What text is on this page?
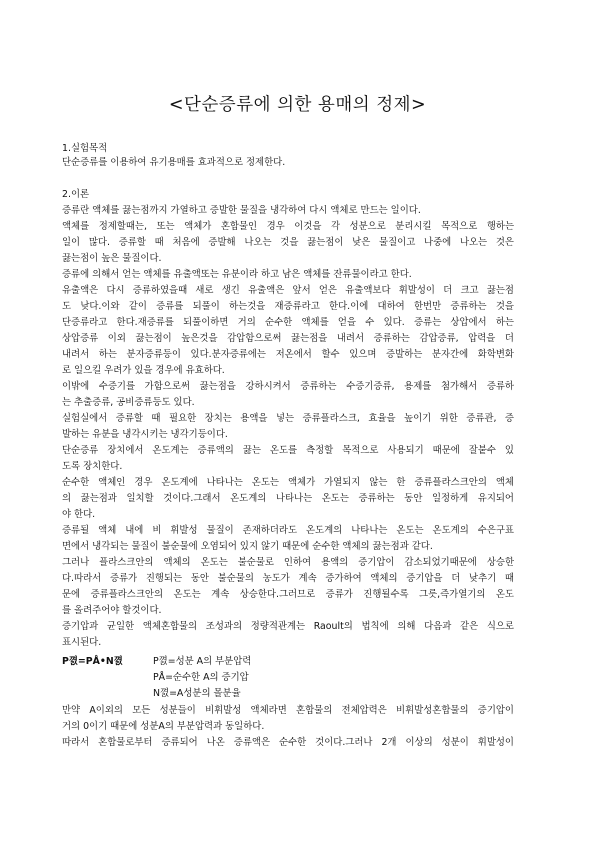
<단순증류에 의한 용매의 정제>
1.실험목적
단순증류를 이용하여 유기용매를 효과적으로 정제한다.
2.이론
증류란 액체를 끓는점까지 가열하고 증발한 물질을 냉각하여 다시 액체로 만드는 일이다.
액체를 정제할때는, 또는 액체가 혼합물인 경우 이것을 각 성분으로 분리시킬 목적으로 행하는
일이 많다. 증류할 때 처음에 증발해 나오는 것을 끓는점이 낮은 물질이고 나중에 나오는 것은
끓는점이 높은 물질이다.
증류에 의해서 얻는 액체를 유출액또는 유분이라 하고 남은 액체를 잔류물이라고 한다.
유출액은 다시 증류하였을때 새로 생긴 유출액은 앞서 얻은 유출액보다 휘발성이 더 크고 끓는점
도 낮다.이와 같이 증류를 되풀이 하는것을 재증류라고 한다.이에 대하여 한번만 증류하는 것을
단증류라고 한다.재증류를 되풀이하면 거의 순수한 액체를 얻을 수 있다. 증류는 상압에서 하는
상압증류 이외 끓는점이 높은것을 감압함으로써 끓는점을 내려서 증류하는 감압증류, 압력을 더
내려서 하는 분자증류등이 있다.분자증류에는 저온에서 할수 있으며 증발하는 분자간에 화학변화
로 일으킬 우려가 있을 경우에 유효하다.
이밖에 수증기를 가함으로써 끓는점을 강하시켜서 증류하는 수증기증류, 용제를 첨가해서 증류하
는 추출증류, 공비증류등도 있다.
실험실에서 증류할 때 필요한 장치는 용액을 넣는 증류플라스크, 효율을 높이기 위한 증류관, 증
발하는 유분을 냉각시키는 냉각기등이다.
단순증류 장치에서 온도계는 증류액의 끓는 온도를 측정할 목적으로 사용되기 때문에 잘붙수 있
도록 장치한다.
순수한 액체인 경우 온도계에 나타나는 온도는 액체가 가열되지 않는 한 증류플라스크안의 액체
의 끓는점과 일치할 것이다.그래서 온도계의 나타나는 온도는 증류하는 동안 일정하게 유지되어
야 한다.
증류될 액체 내에 비 휘발성 물질이 존재하더라도 온도계의 나타나는 온도는 온도계의 수은구표
면에서 냉각되는 물질이 불순물에 오염되어 있지 않기 때문에 순수한 액체의 끓는점과 같다.
그러나 플라스크안의 액체의 온도는 불순물로 인하여 용액의 증기압이 감소되었기때문에 상승한
다.따라서 증류가 진행되는 동안 불순물의 농도가 계속 증가하여 액체의 증기압을 더 낮추기 때
문에 증류플라스크안의 온도는 계속 상승한다.그러므로 증류가 진행될수록 그릇,즉가열기의 온도
를 올려주어야 할것이다.
증기압과 균일한 액체혼합물의 조성과의 정량적관계는 Raoult의 법칙에 의해 다음과 같은 식으로
표시된다.
P꼀=PÅ•N꼀	P꼀=성분 A의 부분압력
PÅ=순수한 A의 증기압
N꼀=A성분의 몰분율
만약 A이외의 모든 성분들이 비휘발성 액체라면 혼합물의 전체압력은 비휘발성혼합물의 증기압이
거의 0이기 때문에 성분A의 부분압력과 동일하다.
따라서 혼합물로부터 증류되어 나온 증류액은 순수한 것이다.그러나 2개 이상의 성분이 휘발성이
